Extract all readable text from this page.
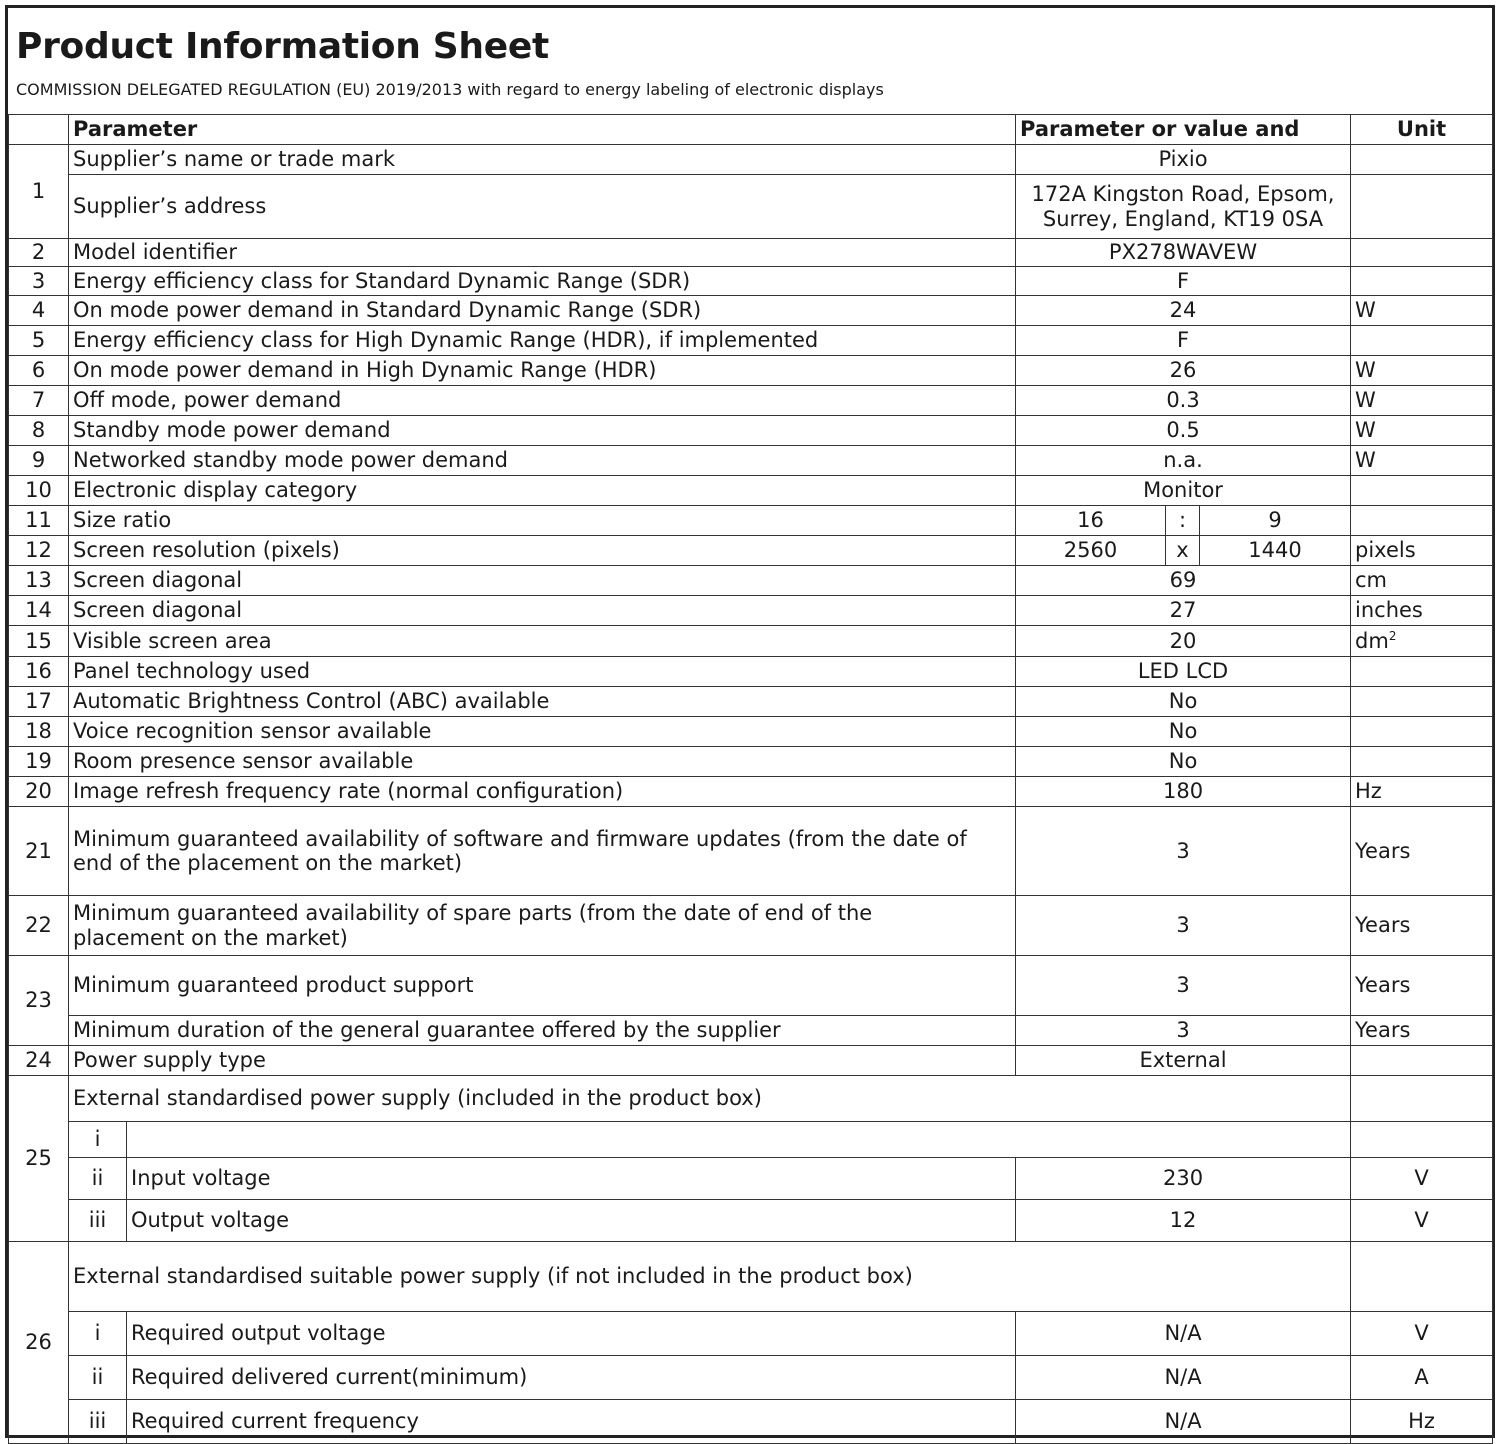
Product Information Sheet
COMMISSION DELEGATED REGULATION (EU) 2019/2013 with regard to energy labeling of electronic displays
	Parameter		Parameter or value and			Unit
1	Supplier’s name or trade mark		Pixio			
	Supplier’s address		172A Kingston Road, Epsom,
Surrey, England, KT19 0SA			
2	Model identifier		PX278WAVEW			
3	Energy efficiency class for Standard Dynamic Range (SDR)		F			
4	On mode power demand in Standard Dynamic Range (SDR)		24			W
5	Energy efficiency class for High Dynamic Range (HDR), if implemented		F			
6	On mode power demand in High Dynamic Range (HDR)		26			W
7	Off mode, power demand		0.3			W
8	Standby mode power demand		0.5			W
9	Networked standby mode power demand		n.a.			W
10	Electronic display category		Monitor			
11	Size ratio		16	:	9	
12	Screen resolution (pixels)		2560	x	1440	pixels
13	Screen diagonal		69			cm
14	Screen diagonal		27			inches
15	Visible screen area		20			$dm^2$
16	Panel technology used		LED LCD			
17	Automatic Brightness Control (ABC) available		No			
18	Voice recognition sensor available		No			
19	Room presence sensor available		No			
20	Image refresh frequency rate (normal configuration)		180			Hz
21	Minimum guaranteed availability of software and firmware updates (from the date of
end of the placement on the market)		3			Years
22	Minimum guaranteed availability of spare parts (from the date of end of the
placement on the market)		3			Years
23	Minimum guaranteed product support		3			Years
	Minimum duration of the general guarantee offered by the supplier		3			Years
24	Power supply type		External			
25	External standardised power supply (included in the product box)					
	i					
	ii	Input voltage	230			V
	iii	Output voltage	12			V
26	External standardised suitable power supply (if not included in the product box)					
	i	Required output voltage	N/A			V
	ii	Required delivered current(minimum)	N/A			A
	iii	Required current frequency	N/A			Hz
